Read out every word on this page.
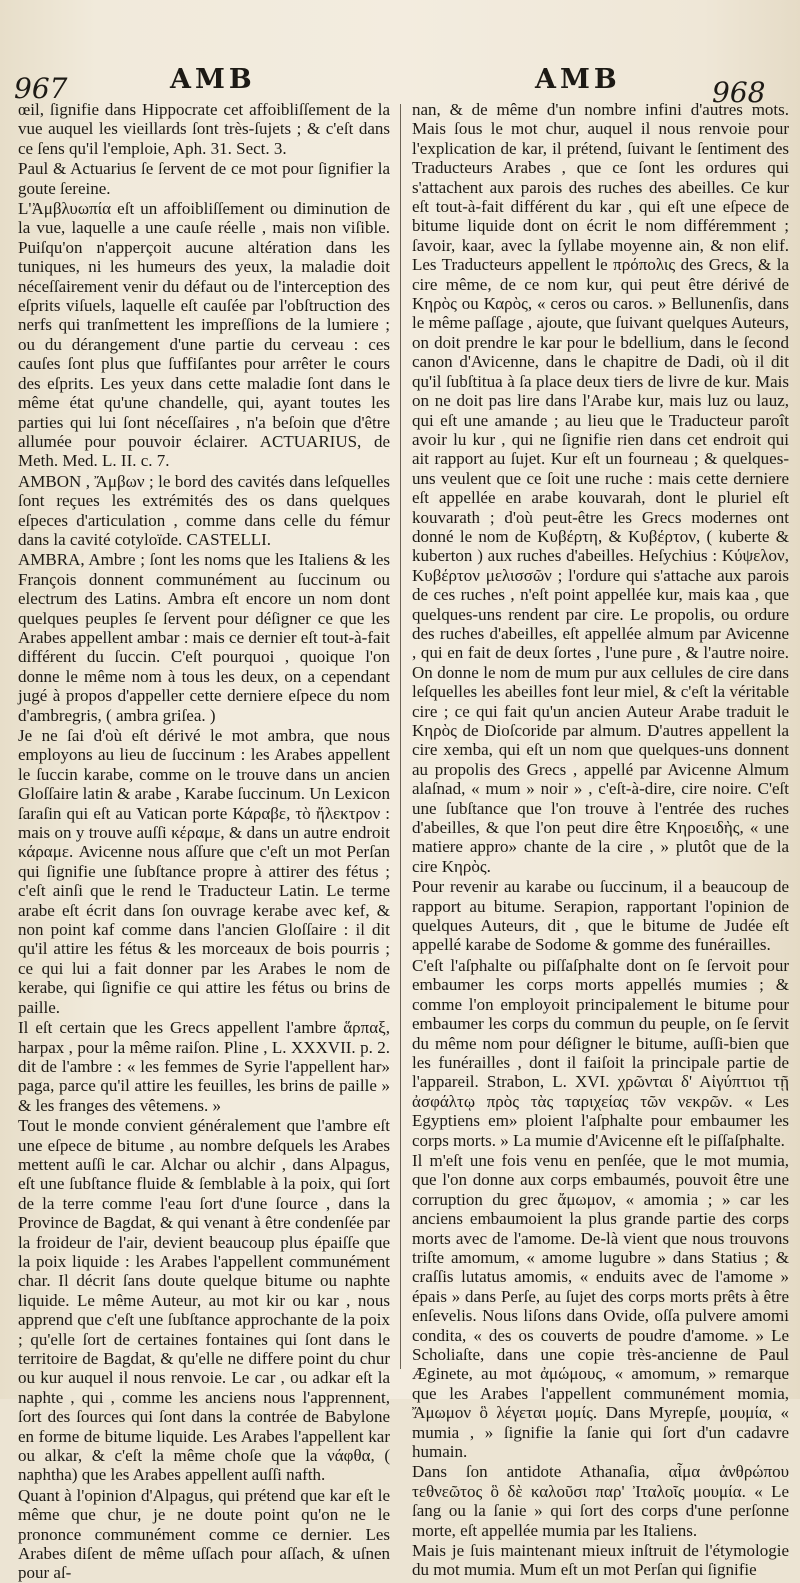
967	AMB	AMB	968

œil, ſignifie dans Hippocrate cet affoibliſſement de la vue auquel les vieillards ſont très-ſujets ; & c'eſt dans ce ſens qu'il l'emploie, Aph. 31. Sect. 3.

Paul & Actuarius ſe ſervent de ce mot pour ſignifier la goute ſereine.

L'Ἀμβλυωπία eſt un affoibliſſement ou diminution de la vue, laquelle a une cauſe réelle , mais non viſible. Puiſqu'on n'apperçoit aucune altération dans les tuniques, ni les humeurs des yeux, la maladie doit néceſſairement venir du défaut ou de l'interception des eſprits viſuels, laquelle eſt cauſée par l'obſtruction des nerfs qui tranſmettent les impreſſions de la lumiere ; ou du dérangement d'une partie du cerveau : ces cauſes ſont plus que ſuffiſantes pour arrêter le cours des eſprits. Les yeux dans cette maladie ſont dans le même état qu'une chandelle, qui, ayant toutes les parties qui lui ſont néceſſaires , n'a beſoin que d'être allumée pour pouvoir éclairer. ACTUARIUS, de Meth. Med. L. II. c. 7.

AMBON , Ἄμβων ; le bord des cavités dans leſquelles ſont reçues les extrémités des os dans quelques eſpeces d'articulation , comme dans celle du fémur dans la cavité cotyloïde. CASTELLI.

AMBRA, Ambre ; ſont les noms que les Italiens & les François donnent communément au ſuccinum ou electrum des Latins. Ambra eſt encore un nom dont quelques peuples ſe ſervent pour déſigner ce que les Arabes appellent ambar : mais ce dernier eſt tout-à-fait différent du ſuccin. C'eſt pourquoi , quoique l'on donne le même nom à tous les deux, on a cependant jugé à propos d'appeller cette derniere eſpece du nom d'ambregris, ( ambra griſea. )

Je ne ſai d'où eſt dérivé le mot ambra, que nous employons au lieu de ſuccinum : les Arabes appellent le ſuccin karabe, comme on le trouve dans un ancien Gloſſaire latin & arabe , Karabe ſuccinum. Un Lexicon ſaraſin qui eſt au Vatican porte Κάραβε, τὸ ἤλεκτρον : mais on y trouve auſſi κέραμε, & dans un autre endroit κάραμε. Avicenne nous aſſure que c'eſt un mot Perſan qui ſignifie une ſubſtance propre à attirer des fétus ; c'eſt ainſi que le rend le Traducteur Latin. Le terme arabe eſt écrit dans ſon ouvrage kerabe avec kef, & non point kaf comme dans l'ancien Gloſſaire : il dit qu'il attire les fétus & les morceaux de bois pourris ; ce qui lui a fait donner par les Arabes le nom de kerabe, qui ſignifie ce qui attire les fétus ou brins de paille.

Il eſt certain que les Grecs appellent l'ambre ἅρπαξ, harpax , pour la même raiſon. Pline , L. XXXVII. p. 2. dit de l'ambre : « les femmes de Syrie l'appellent har» paga, parce qu'il attire les feuilles, les brins de paille » & les franges des vêtemens. »

Tout le monde convient généralement que l'ambre eſt une eſpece de bitume , au nombre deſquels les Arabes mettent auſſi le car. Alchar ou alchir , dans Alpagus, eſt une ſubſtance fluide & ſemblable à la poix, qui ſort de la terre comme l'eau ſort d'une ſource , dans la Province de Bagdat, & qui venant à être condenſée par la froideur de l'air, devient beaucoup plus épaiſſe que la poix liquide : les Arabes l'appellent communément char. Il décrit ſans doute quelque bitume ou naphte liquide. Le même Auteur, au mot kir ou kar , nous apprend que c'eſt une ſubſtance approchante de la poix ; qu'elle ſort de certaines fontaines qui ſont dans le territoire de Bagdat, & qu'elle ne differe point du chur ou kur auquel il nous renvoie. Le car , ou adkar eſt la naphte , qui , comme les anciens nous l'apprennent, ſort des ſources qui ſont dans la contrée de Babylone en forme de bitume liquide. Les Arabes l'appellent kar ou alkar, & c'eſt la même choſe que la νάφθα, ( naphtha) que les Arabes appellent auſſi nafth.

Quant à l'opinion d'Alpagus, qui prétend que kar eſt le même que chur, je ne doute point qu'on ne le prononce communément comme ce dernier. Les Arabes diſent de même uſſach pour aſſach, & uſnen pour aſ-

nan, & de même d'un nombre infini d'autres mots. Mais ſous le mot chur, auquel il nous renvoie pour l'explication de kar, il prétend, ſuivant le ſentiment des Traducteurs Arabes , que ce ſont les ordures qui s'attachent aux parois des ruches des abeilles. Ce kur eſt tout-à-fait différent du kar , qui eſt une eſpece de bitume liquide dont on écrit le nom différemment ; ſavoir, kaar, avec la ſyllabe moyenne ain, & non elif. Les Traducteurs appellent le πρόπολις des Grecs, & la cire même, de ce nom kur, qui peut être dérivé de Κηρὸς ou Καρὸς, « ceros ou caros. » Bellunenſis, dans le même paſſage , ajoute, que ſuivant quelques Auteurs, on doit prendre le kar pour le bdellium, dans le ſecond canon d'Avicenne, dans le chapitre de Dadi, où il dit qu'il ſubſtitua à ſa place deux tiers de livre de kur. Mais on ne doit pas lire dans l'Arabe kur, mais luz ou lauz, qui eſt une amande ; au lieu que le Traducteur paroît avoir lu kur , qui ne ſignifie rien dans cet endroit qui ait rapport au ſujet. Kur eſt un fourneau ; & quelques-uns veulent que ce ſoit une ruche : mais cette derniere eſt appellée en arabe kouvarah, dont le pluriel eſt kouvarath ; d'où peut-être les Grecs modernes ont donné le nom de Κυβέρτη, & Κυβέρτον, ( kuberte & kuberton ) aux ruches d'abeilles. Heſychius : Κύψελον, Κυβέρτον μελισσῶν ; l'ordure qui s'attache aux parois de ces ruches , n'eſt point appellée kur, mais kaa , que quelques-uns rendent par cire. Le propolis, ou ordure des ruches d'abeilles, eſt appellée almum par Avicenne , qui en fait de deux ſortes , l'une pure , & l'autre noire. On donne le nom de mum pur aux cellules de cire dans leſquelles les abeilles font leur miel, & c'eſt la véritable cire ; ce qui fait qu'un ancien Auteur Arabe traduit le Κηρὸς de Dioſcoride par almum. D'autres appellent la cire xemba, qui eſt un nom que quelques-uns donnent au propolis des Grecs , appellé par Avicenne Almum alaſnad, « mum » noir » , c'eſt-à-dire, cire noire. C'eſt une ſubſtance que l'on trouve à l'entrée des ruches d'abeilles, & que l'on peut dire être Κηροειδὴς, « une matiere appro» chante de la cire , » plutôt que de la cire Κηρὸς.

Pour revenir au karabe ou ſuccinum, il a beaucoup de rapport au bitume. Serapion, rapportant l'opinion de quelques Auteurs, dit , que le bitume de Judée eſt appellé karabe de Sodome & gomme des funérailles.

C'eſt l'aſphalte ou piſſaſphalte dont on ſe ſervoit pour embaumer les corps morts appellés mumies ; & comme l'on employoit principalement le bitume pour embaumer les corps du commun du peuple, on ſe ſervit du même nom pour déſigner le bitume, auſſi-bien que les funérailles , dont il faiſoit la principale partie de l'appareil. Strabon, L. XVI. χρῶνται δ' Αἰγύπτιοι τῇ ἀσφάλτῳ πρὸς τὰς ταριχείας τῶν νεκρῶν. « Les Egyptiens em» ploient l'aſphalte pour embaumer les corps morts. » La mumie d'Avicenne eſt le piſſaſphalte.

Il m'eſt une fois venu en penſée, que le mot mumia, que l'on donne aux corps embaumés, pouvoit être une corruption du grec ἄμωμον, « amomia ; » car les anciens embaumoient la plus grande partie des corps morts avec de l'amome. De-là vient que nous trouvons triſte amomum, « amome lugubre » dans Statius ; & craſſis lutatus amomis, « enduits avec de l'amome » épais » dans Perſe, au ſujet des corps morts prêts à être enſevelis. Nous liſons dans Ovide, oſſa pulvere amomi condita, « des os couverts de poudre d'amome. » Le Scholiaſte, dans une copie très-ancienne de Paul Æginete, au mot ἀμώμους, « amomum, » remarque que les Arabes l'appellent communément momia, Ἄμωμον ὃ λέγεται μομίς. Dans Myrepſe, μουμία, « mumia , » ſignifie la ſanie qui ſort d'un cadavre humain.

Dans ſon antidote Athanaſia, αἷμα ἀνθρώπου τεθνεῶτος ὃ δὲ καλοῦσι παρ' Ἰταλοῖς μουμία. « Le ſang ou la ſanie » qui ſort des corps d'une perſonne morte, eſt appellée mumia par les Italiens.

Mais je ſuis maintenant mieux inſtruit de l'étymologie du mot mumia. Mum eſt un mot Perſan qui ſignifie
